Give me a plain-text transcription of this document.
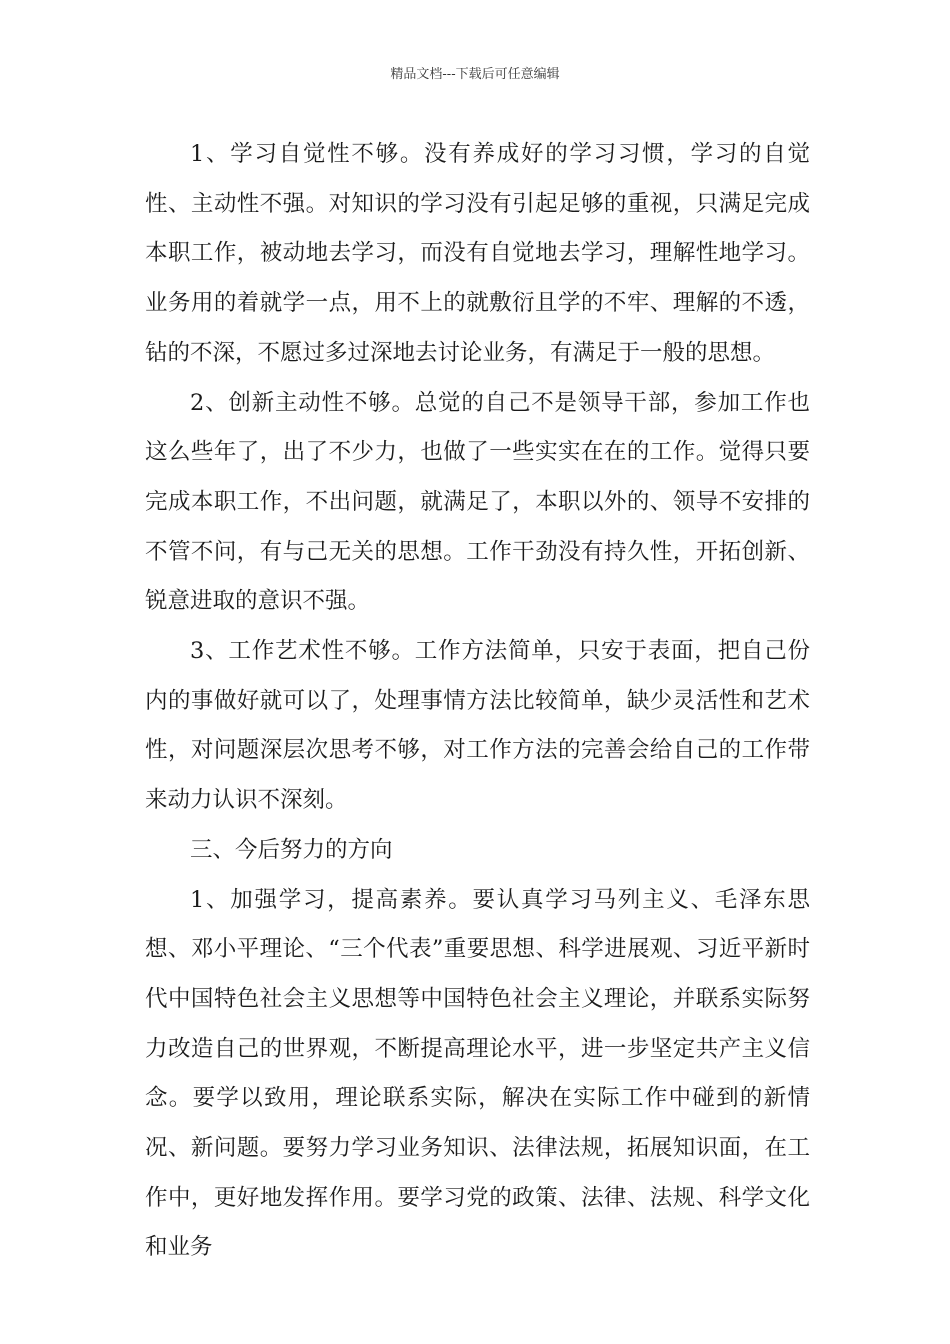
精品文档---下载后可任意编辑

1、学习自觉性不够。没有养成好的学习习惯，学习的自觉性、主动性不强。对知识的学习没有引起足够的重视，只满足完成本职工作，被动地去学习，而没有自觉地去学习，理解性地学习。业务用的着就学一点，用不上的就敷衍且学的不牢、理解的不透，钻的不深，不愿过多过深地去讨论业务，有满足于一般的思想。

2、创新主动性不够。总觉的自己不是领导干部，参加工作也这么些年了，出了不少力，也做了一些实实在在的工作。觉得只要完成本职工作，不出问题，就满足了，本职以外的、领导不安排的不管不问，有与己无关的思想。工作干劲没有持久性，开拓创新、锐意进取的意识不强。

3、工作艺术性不够。工作方法简单，只安于表面，把自己份内的事做好就可以了，处理事情方法比较简单，缺少灵活性和艺术性，对问题深层次思考不够，对工作方法的完善会给自己的工作带来动力认识不深刻。

三、今后努力的方向

1、加强学习，提高素养。要认真学习马列主义、毛泽东思想、邓小平理论、“三个代表”重要思想、科学进展观、习近平新时代中国特色社会主义思想等中国特色社会主义理论，并联系实际努力改造自己的世界观，不断提高理论水平，进一步坚定共产主义信念。要学以致用，理论联系实际，解决在实际工作中碰到的新情况、新问题。要努力学习业务知识、法律法规，拓展知识面，在工作中，更好地发挥作用。要学习党的政策、法律、法规、科学文化和业务
